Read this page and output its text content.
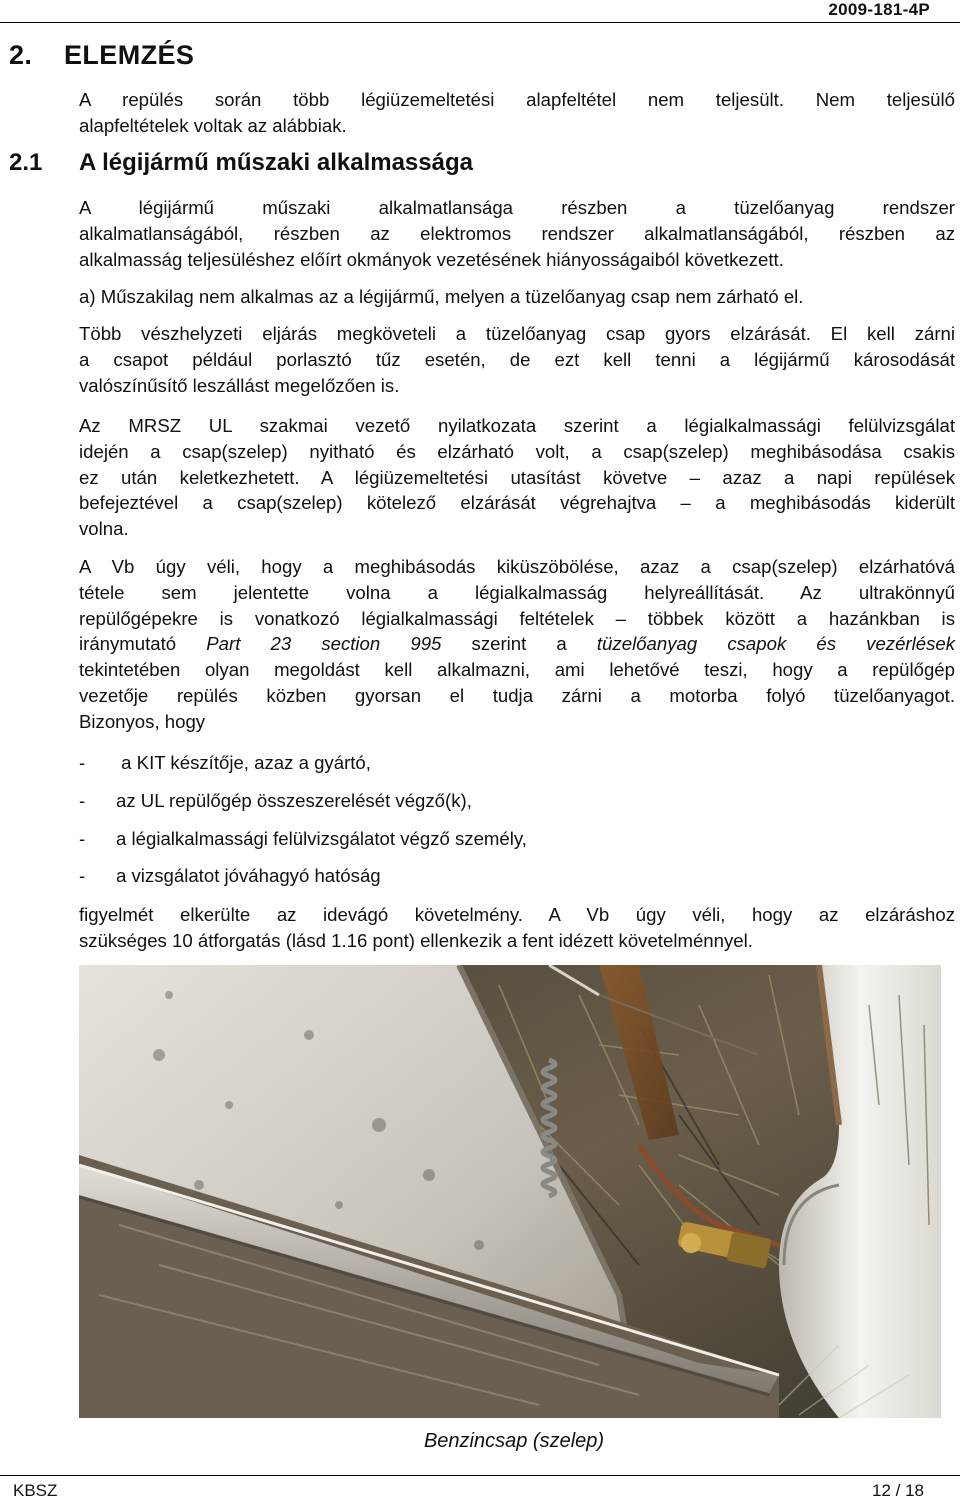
2009-181-4P
2. ELEMZÉS
A repülés során több légiüzemeltetési alapfeltétel nem teljesült. Nem teljesülő
alapfeltételek voltak az alábbiak.
2.1 A légijármű műszaki alkalmassága
A légijármű műszaki alkalmatlansága részben a tüzelőanyag rendszer
alkalmatlanságából, részben az elektromos rendszer alkalmatlanságából, részben az
alkalmasság teljesüléshez előírt okmányok vezetésének hiányosságaiból következett.
a) Műszakilag nem alkalmas az a légijármű, melyen a tüzelőanyag csap nem zárható el.
Több vészhelyzeti eljárás megköveteli a tüzelőanyag csap gyors elzárását. El kell zárni
a csapot például porlasztó tűz esetén, de ezt kell tenni a légijármű károsodását
valószínűsítő leszállást megelőzően is.
Az MRSZ UL szakmai vezető nyilatkozata szerint a légialkalmassági felülvizsgálat
idején a csap(szelep) nyitható és elzárható volt, a csap(szelep) meghibásodása csakis
ez után keletkezhetett. A légiüzemeltetési utasítást követve – azaz a napi repülések
befejeztével a csap(szelep) kötelező elzárását végrehajtva – a meghibásodás kiderült
volna.
A Vb úgy véli, hogy a meghibásodás kiküszöbölése, azaz a csap(szelep) elzárhatóvá
tétele sem jelentette volna a légialkalmasság helyreállítását. Az ultrakönnyű
repülőgépekre is vonatkozó légialkalmassági feltételek – többek között a hazánkban is
iránymutató Part 23 section 995 szerint a tüzelőanyag csapok és vezérlések
tekintetében olyan megoldást kell alkalmazni, ami lehetővé teszi, hogy a repülőgép
vezetője repülés közben gyorsan el tudja zárni a motorba folyó tüzelőanyagot.
Bizonyos, hogy
- a KIT készítője, azaz a gyártó,
- az UL repülőgép összeszerelését végző(k),
- a légialkalmassági felülvizsgálatot végző személy,
- a vizsgálatot jóváhagyó hatóság
figyelmét elkerülte az idevágó követelmény. A Vb úgy véli, hogy az elzáráshoz
szükséges 10 átforgatás (lásd 1.16 pont) ellenkezik a fent idézett követelménnyel.
Benzincsap (szelep)
KBSZ	12 / 18
